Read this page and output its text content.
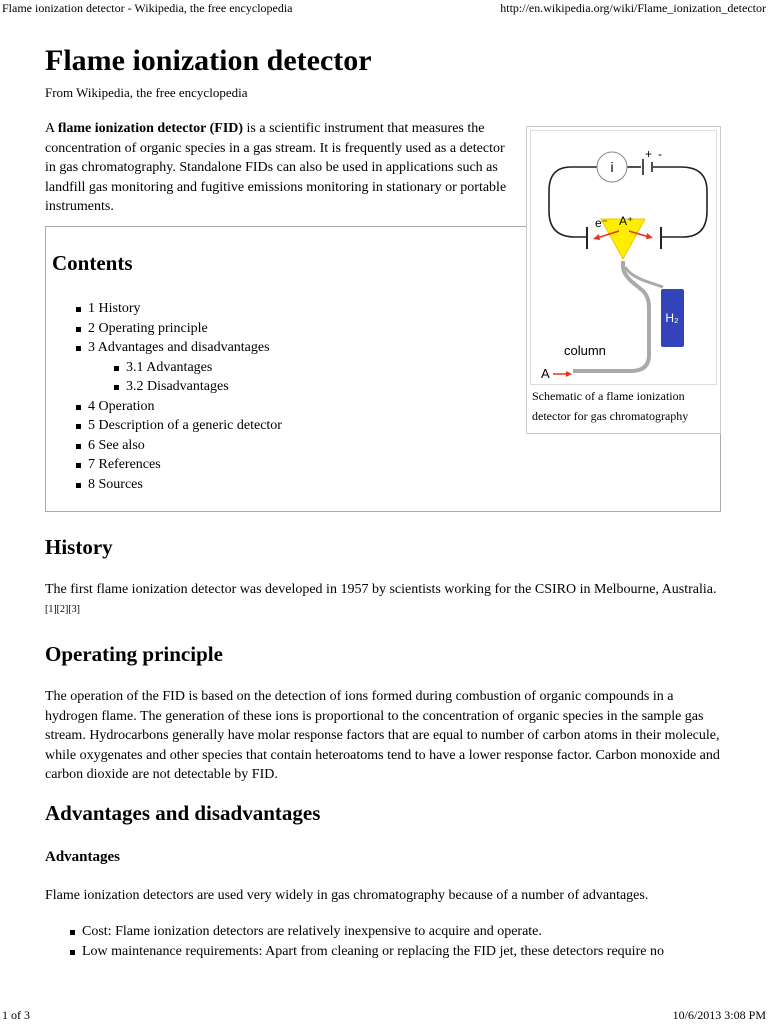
Flame ionization detector - Wikipedia, the free encyclopedia	http://en.wikipedia.org/wiki/Flame_ionization_detector
Flame ionization detector
From Wikipedia, the free encyclopedia

A flame ionization detector (FID) is a scientific instrument that measures the concentration of organic species in a gas stream. It is frequently used as a detector in gas chromatography. Standalone FIDs can also be used in applications such as landfill gas monitoring and fugitive emissions monitoring in stationary or portable instruments.

Contents
1 History
2 Operating principle
3 Advantages and disadvantages
3.1 Advantages
3.2 Disadvantages
4 Operation
5 Description of a generic detector
6 See also
7 References
8 Sources
i
+ -
e⁻ A⁺
H₂
column
A
Schematic of a flame ionization detector for gas chromatography
History

The first flame ionization detector was developed in 1957 by scientists working for the CSIRO in Melbourne, Australia.[1][2][3]

Operating principle

The operation of the FID is based on the detection of ions formed during combustion of organic compounds in a hydrogen flame. The generation of these ions is proportional to the concentration of organic species in the sample gas stream. Hydrocarbons generally have molar response factors that are equal to number of carbon atoms in their molecule, while oxygenates and other species that contain heteroatoms tend to have a lower response factor. Carbon monoxide and carbon dioxide are not detectable by FID.

Advantages and disadvantages
Advantages

Flame ionization detectors are used very widely in gas chromatography because of a number of advantages.

Cost: Flame ionization detectors are relatively inexpensive to acquire and operate.
Low maintenance requirements: Apart from cleaning or replacing the FID jet, these detectors require no
1 of 3	10/6/2013 3:08 PM
